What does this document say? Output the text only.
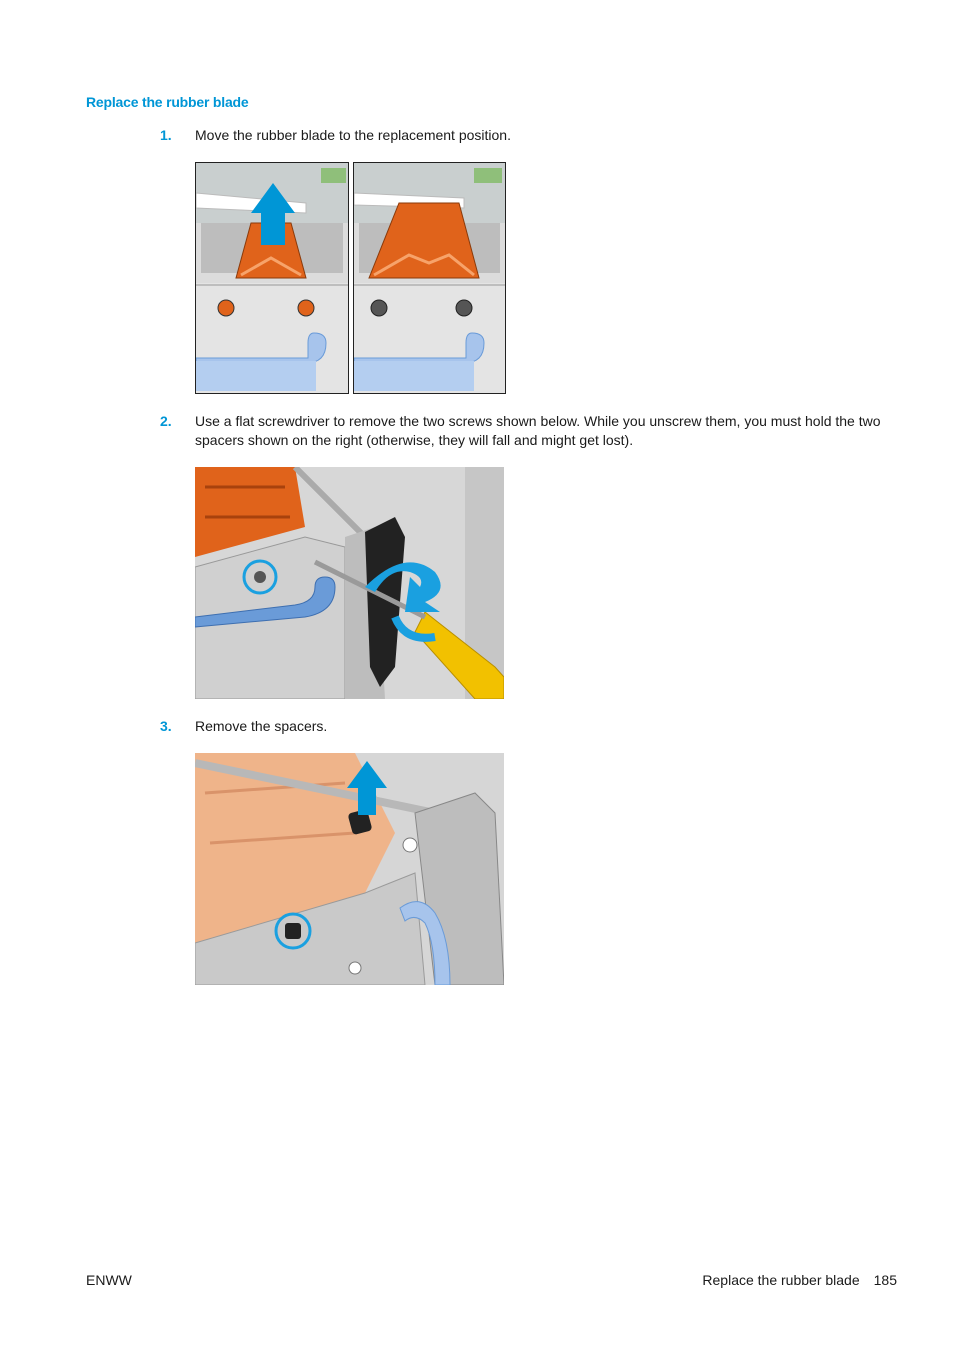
Replace the rubber blade
1.	Move the rubber blade to the replacement position.
2.	Use a flat screwdriver to remove the two screws shown below. While you unscrew them, you must hold the two spacers shown on the right (otherwise, they will fall and might get lost).
3.	Remove the spacers.
ENWW	Replace the rubber blade 185
